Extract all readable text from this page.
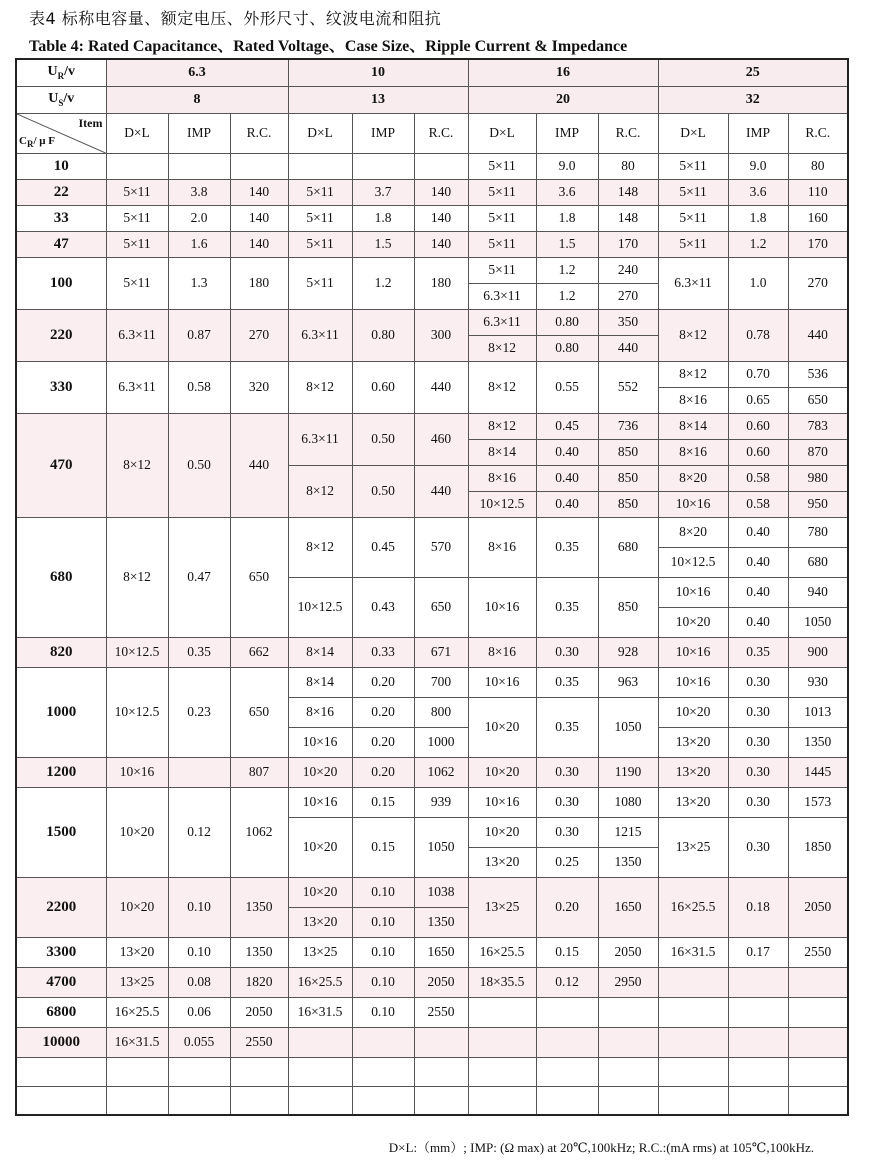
表4 标称电容量、额定电压、外形尺寸、纹波电流和阻抗
Table 4: Rated Capacitance、Rated Voltage、Case Size、Ripple Current & Impedance
$U_R/v$	6.3			10			16			25		
$U_S/v$	8			13			20			32		

Item
$C_R/$ μ F	D×L	IMP	R.C.	D×L	IMP	R.C.	D×L	IMP	R.C.	D×L	IMP	R.C.
10							5×11	9.0	80	5×11	9.0	80
22	5×11	3.8	140	5×11	3.7	140	5×11	3.6	148	5×11	3.6	110
33	5×11	2.0	140	5×11	1.8	140	5×11	1.8	148	5×11	1.8	160
47	5×11	1.6	140	5×11	1.5	140	5×11	1.5	170	5×11	1.2	170
100	5×11	1.3	180	5×11	1.2	180	5×11	1.2	240	6.3×11	1.0	270
							6.3×11	1.2	270			
220	6.3×11	0.87	270	6.3×11	0.80	300	6.3×11	0.80	350	8×12	0.78	440
							8×12	0.80	440			
330	6.3×11	0.58	320	8×12	0.60	440	8×12	0.55	552	8×12	0.70	536
										8×16	0.65	650
470	8×12	0.50	440	6.3×11	0.50	460	8×12	0.45	736	8×14	0.60	783
							8×14	0.40	850	8×16	0.60	870
				8×12	0.50	440	8×16	0.40	850	8×20	0.58	980
							10×12.5	0.40	850	10×16	0.58	950
680	8×12	0.47	650	8×12	0.45	570	8×16	0.35	680	8×20	0.40	780
										10×12.5	0.40	680
				10×12.5	0.43	650	10×16	0.35	850	10×16	0.40	940
										10×20	0.40	1050
820	10×12.5	0.35	662	8×14	0.33	671	8×16	0.30	928	10×16	0.35	900
1000	10×12.5	0.23	650	8×14	0.20	700	10×16	0.35	963	10×16	0.30	930
				8×16	0.20	800	10×20	0.35	1050	10×20	0.30	1013
				10×16	0.20	1000				13×20	0.30	1350
1200	10×16		807	10×20	0.20	1062	10×20	0.30	1190	13×20	0.30	1445
1500	10×20	0.12	1062	10×16	0.15	939	10×16	0.30	1080	13×20	0.30	1573
				10×20	0.15	1050	10×20	0.30	1215	13×25	0.30	1850
							13×20	0.25	1350			
2200	10×20	0.10	1350	10×20	0.10	1038	13×25	0.20	1650	16×25.5	0.18	2050
				13×20	0.10	1350						
3300	13×20	0.10	1350	13×25	0.10	1650	16×25.5	0.15	2050	16×31.5	0.17	2550
4700	13×25	0.08	1820	16×25.5	0.10	2050	18×35.5	0.12	2950			
6800	16×25.5	0.06	2050	16×31.5	0.10	2550						
10000	16×31.5	0.055	2550									

D×L:（mm）; IMP: (Ω max) at 20℃,100kHz; R.C.:(mA rms) at 105℃,100kHz.
